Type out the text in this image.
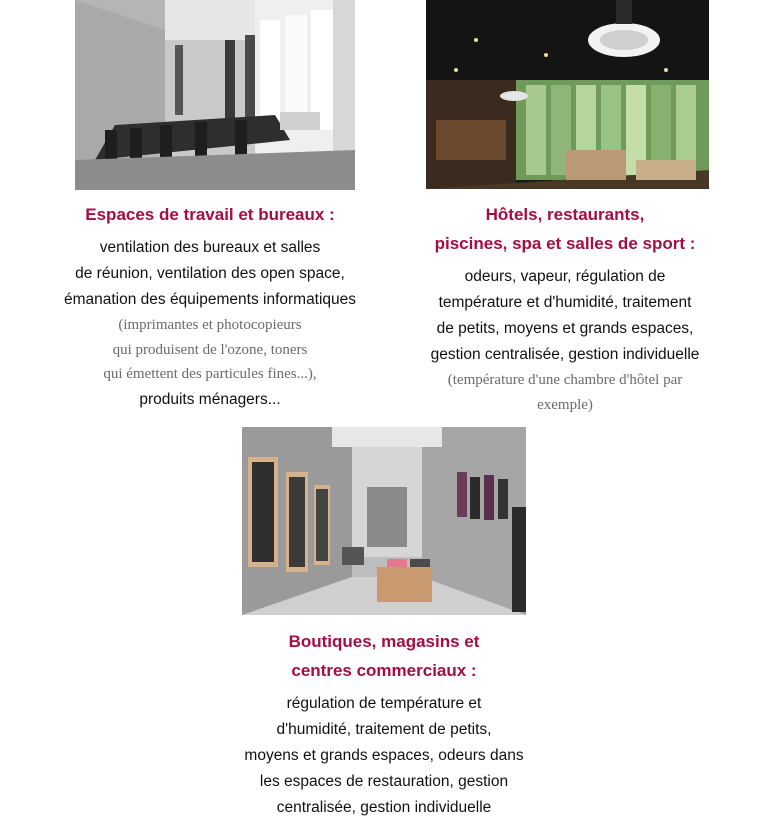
Espaces de travail et bureaux :

ventilation des bureaux et salles

de réunion, ventilation des open space,

émanation des équipements informatiques

(imprimantes et photocopieurs

qui produisent de l'ozone, toners

qui émettent des particules fines...),

produits ménagers...

Hôtels, restaurants,

piscines, spa et salles de sport :

odeurs, vapeur, régulation de

température et d'humidité, traitement

de petits, moyens et grands espaces,

gestion centralisée, gestion individuelle

(température d'une chambre d'hôtel par

exemple)

Boutiques, magasins et

centres commerciaux :

régulation de température et

d'humidité, traitement de petits,

moyens et grands espaces, odeurs dans

les espaces de restauration, gestion

centralisée, gestion individuelle
